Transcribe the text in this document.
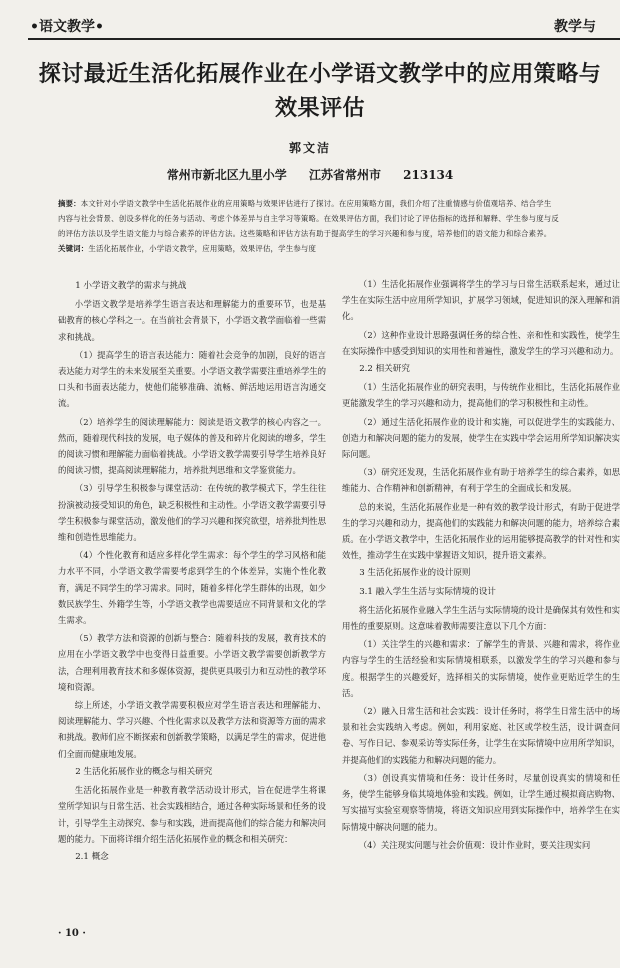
•语文教学•	教学与
探讨最近生活化拓展作业在小学语文教学中的应用策略与
效果评估
郭文洁
常州市新北区九里小学 江苏省常州市 213134

摘要：本文针对小学语文教学中生活化拓展作业的应用策略与效果评估进行了探讨。在应用策略方面，我们介绍了注重情感与价值观培养、结合学生

内容与社会背景、创设多样化的任务与活动、考虑个体差异与自主学习等策略。在效果评估方面，我们讨论了评估指标的选择和解释、学生参与度与反

的评估方法以及学生语文能力与综合素养的评估方法。这些策略和评估方法有助于提高学生的学习兴趣和参与度，培养他们的语文能力和综合素养。

关键词：生活化拓展作业，小学语文教学，应用策略，效果评估，学生参与度

1 小学语文教学的需求与挑战

小学语文教学是培养学生语言表达和理解能力的重要环节，也是基础教育的核心学科之一。在当前社会背景下，小学语文教学面临着一些需求和挑战。

（1）提高学生的语言表达能力：随着社会竞争的加剧，良好的语言表达能力对学生的未来发展至关重要。小学语文教学需要注重培养学生的口头和书面表达能力，使他们能够准确、流畅、鲜活地运用语言沟通交流。

（2）培养学生的阅读理解能力：阅读是语文教学的核心内容之一。然而，随着现代科技的发展，电子媒体的普及和碎片化阅读的增多，学生的阅读习惯和理解能力面临着挑战。小学语文教学需要引导学生培养良好的阅读习惯，提高阅读理解能力，培养批判思维和文学鉴赏能力。

（3）引导学生积极参与课堂活动：在传统的教学模式下，学生往往扮演被动接受知识的角色，缺乏积极性和主动性。小学语文教学需要引导学生积极参与课堂活动，激发他们的学习兴趣和探究欲望，培养批判性思维和创造性思维能力。

（4）个性化教育和适应多样化学生需求：每个学生的学习风格和能力水平不同，小学语文教学需要考虑到学生的个体差异，实施个性化教育，满足不同学生的学习需求。同时，随着多样化学生群体的出现，如少数民族学生、外籍学生等，小学语文教学也需要适应不同背景和文化的学生需求。

（5）教学方法和资源的创新与整合：随着科技的发展，教育技术的应用在小学语文教学中也变得日益重要。小学语文教学需要创新教学方法，合理利用教育技术和多媒体资源，提供更具吸引力和互动性的教学环境和资源。

综上所述，小学语文教学需要积极应对学生语言表达和理解能力、阅读理解能力、学习兴趣、个性化需求以及教学方法和资源等方面的需求和挑战。教师们应不断探索和创新教学策略，以满足学生的需求，促进他们全面而健康地发展。

2 生活化拓展作业的概念与相关研究

生活化拓展作业是一种教育教学活动设计形式，旨在促进学生将课堂所学知识与日常生活、社会实践相结合，通过各种实际场景和任务的设计，引导学生主动探究、参与和实践，进而提高他们的综合能力和解决问题的能力。下面将详细介绍生活化拓展作业的概念和相关研究：

2.1 概念

（1）生活化拓展作业强调将学生的学习与日常生活联系起来，通过让学生在实际生活中应用所学知识，扩展学习领域，促进知识的深入理解和消化。

（2）这种作业设计思路强调任务的综合性、亲和性和实践性，使学生在实际操作中感受到知识的实用性和普遍性，激发学生的学习兴趣和动力。

2.2 相关研究

（1）生活化拓展作业的研究表明，与传统作业相比，生活化拓展作业更能激发学生的学习兴趣和动力，提高他们的学习积极性和主动性。

（2）通过生活化拓展作业的设计和实施，可以促进学生的实践能力、创造力和解决问题的能力的发展，使学生在实践中学会运用所学知识解决实际问题。

（3）研究还发现，生活化拓展作业有助于培养学生的综合素养，如思维能力、合作精神和创新精神，有利于学生的全面成长和发展。

总的来说，生活化拓展作业是一种有效的教学设计形式，有助于促进学生的学习兴趣和动力，提高他们的实践能力和解决问题的能力，培养综合素质。在小学语文教学中，生活化拓展作业的运用能够提高教学的针对性和实效性，推动学生在实践中掌握语文知识，提升语文素养。

3 生活化拓展作业的设计原则
3.1 融入学生生活与实际情境的设计

将生活化拓展作业融入学生生活与实际情境的设计是确保其有效性和实用性的重要原则。这意味着教师需要注意以下几个方面：

（1）关注学生的兴趣和需求：了解学生的背景、兴趣和需求，将作业内容与学生的生活经验和实际情境相联系，以激发学生的学习兴趣和参与度。根据学生的兴趣爱好，选择相关的实际情境，使作业更贴近学生的生活。

（2）融入日常生活和社会实践：设计任务时，将学生日常生活中的场景和社会实践纳入考虑。例如，利用家庭、社区或学校生活，设计调查问卷、写作日记、参观采访等实际任务，让学生在实际情境中应用所学知识，并提高他们的实践能力和解决问题的能力。

（3）创设真实情境和任务：设计任务时，尽量创设真实的情境和任务，使学生能够身临其境地体验和实践。例如，让学生通过模拟商店购物、写实描写实验室观察等情境，将语文知识应用到实际操作中，培养学生在实际情境中解决问题的能力。

（4）关注现实问题与社会价值观：设计作业时，要关注现实问

· 10 ·
